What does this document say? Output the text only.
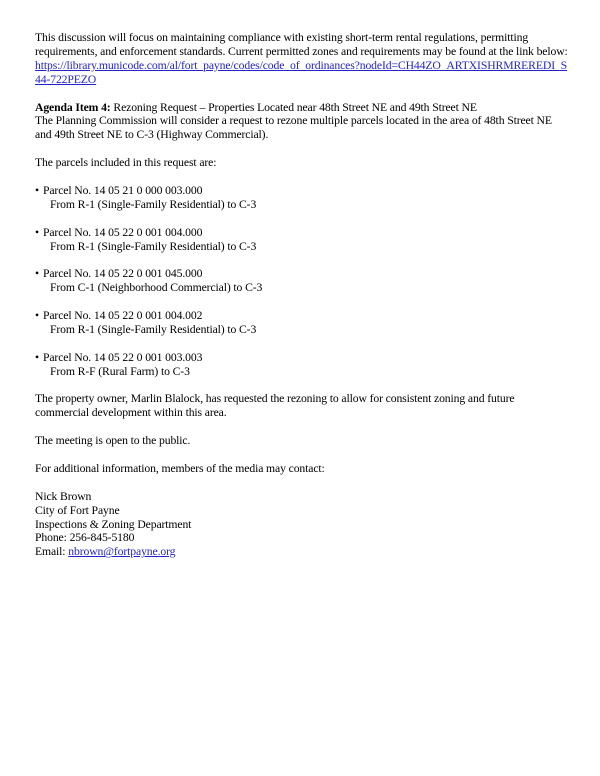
This discussion will focus on maintaining compliance with existing short-term rental regulations, permitting requirements, and enforcement standards. Current permitted zones and requirements may be found at the link below:
https://library.municode.com/al/fort_payne/codes/code_of_ordinances?nodeId=CH44ZO_ARTXISHRMREREDI_S44-722PEZO
Agenda Item 4: Rezoning Request – Properties Located near 48th Street NE and 49th Street NE
The Planning Commission will consider a request to rezone multiple parcels located in the area of 48th Street NE and 49th Street NE to C-3 (Highway Commercial).
The parcels included in this request are:
• Parcel No. 14 05 21 0 000 003.000
From R-1 (Single-Family Residential) to C-3
• Parcel No. 14 05 22 0 001 004.000
From R-1 (Single-Family Residential) to C-3
• Parcel No. 14 05 22 0 001 045.000
From C-1 (Neighborhood Commercial) to C-3
• Parcel No. 14 05 22 0 001 004.002
From R-1 (Single-Family Residential) to C-3
• Parcel No. 14 05 22 0 001 003.003
From R-F (Rural Farm) to C-3
The property owner, Marlin Blalock, has requested the rezoning to allow for consistent zoning and future commercial development within this area.
The meeting is open to the public.
For additional information, members of the media may contact:
Nick Brown
City of Fort Payne
Inspections & Zoning Department
Phone: 256-845-5180
Email: nbrown@fortpayne.org
